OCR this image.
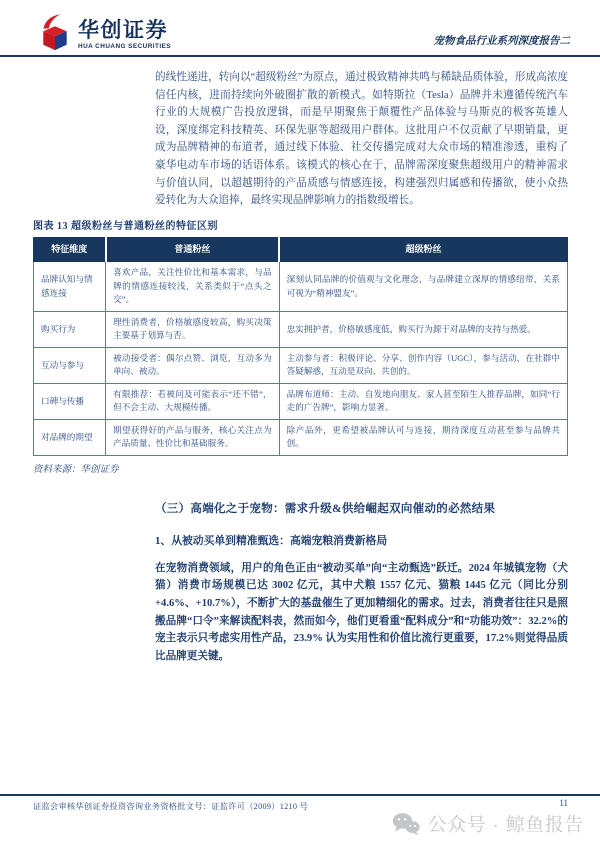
华创证券
HUA CHUANG SECURITIES	宠物食品行业系列深度报告二

的线性递进，转向以“超级粉丝”为原点，通过极致精神共鸣与稀缺品质体验，形成高浓度信任内核，进而持续向外破圈扩散的新模式。如特斯拉（Tesla）品牌并未遵循传统汽车行业的大规模广告投放逻辑，而是早期聚焦于颠覆性产品体验与马斯克的极客英雄人设，深度绑定科技精英、环保先驱等超级用户群体。这批用户不仅贡献了早期销量，更成为品牌精神的布道者，通过线下体验、社交传播完成对大众市场的精准渗透，重构了豪华电动车市场的话语体系。该模式的核心在于，品牌需深度聚焦超级用户的精神需求与价值认同，以超越期待的产品质感与情感连接，构建强烈归属感和传播欲，使小众热爱转化为大众追捧，最终实现品牌影响力的指数级增长。

图表 13 超级粉丝与普通粉丝的特征区别
特征维度	普通粉丝	超级粉丝
品牌认知与情感连接	喜欢产品，关注性价比和基本需求，与品牌的情感连接较浅，关系类似于“点头之交”。	深刻认同品牌的价值观与文化理念，与品牌建立深厚的情感纽带，关系可视为“精神盟友”。
购买行为	理性消费者，价格敏感度较高，购买决策主要基于划算与否。	忠实拥护者，价格敏感度低，购买行为源于对品牌的支持与热爱。
互动与参与	被动接受者：偶尔点赞、浏览，互动多为单向、被动。	主动参与者：积极评论、分享、创作内容（UGC），参与活动，在社群中答疑解惑，互动是双向、共创的。
口碑与传播	有限推荐：若被问及可能表示“还不错”，但不会主动、大规模传播。	品牌布道师：主动、自发地向朋友、家人甚至陌生人推荐品牌，如同“行走的广告牌”，影响力显著。
对品牌的期望	期望获得好的产品与服务，核心关注点为产品质量、性价比和基础服务。	除产品外，更希望被品牌认可与连接，期待深度互动甚至参与品牌共创。
资料来源：华创证券
（三）高端化之于宠物：需求升级&供给崛起双向催动的必然结果
1、从被动买单到精准甄选：高端宠粮消费新格局

在宠物消费领域，用户的角色正由“被动买单”向“主动甄选”跃迁。2024 年城镇宠物（犬猫）消费市场规模已达 3002 亿元，其中犬粮 1557 亿元、猫粮 1445 亿元（同比分别+4.6%、+10.7%），不断扩大的基盘催生了更加精细化的需求。过去，消费者往往只是照搬品牌“口令”来解读配料表，然而如今，他们更看重“配料成分”和“功能功效”：32.2%的宠主表示只考虑实用性产品，23.9% 认为实用性和价值比流行更重要，17.2%则觉得品质比品牌更关键。

证监会审核华创证券投资咨询业务资格批文号：证监许可（2009）1210 号	11
公众号 · 鲸鱼报告
